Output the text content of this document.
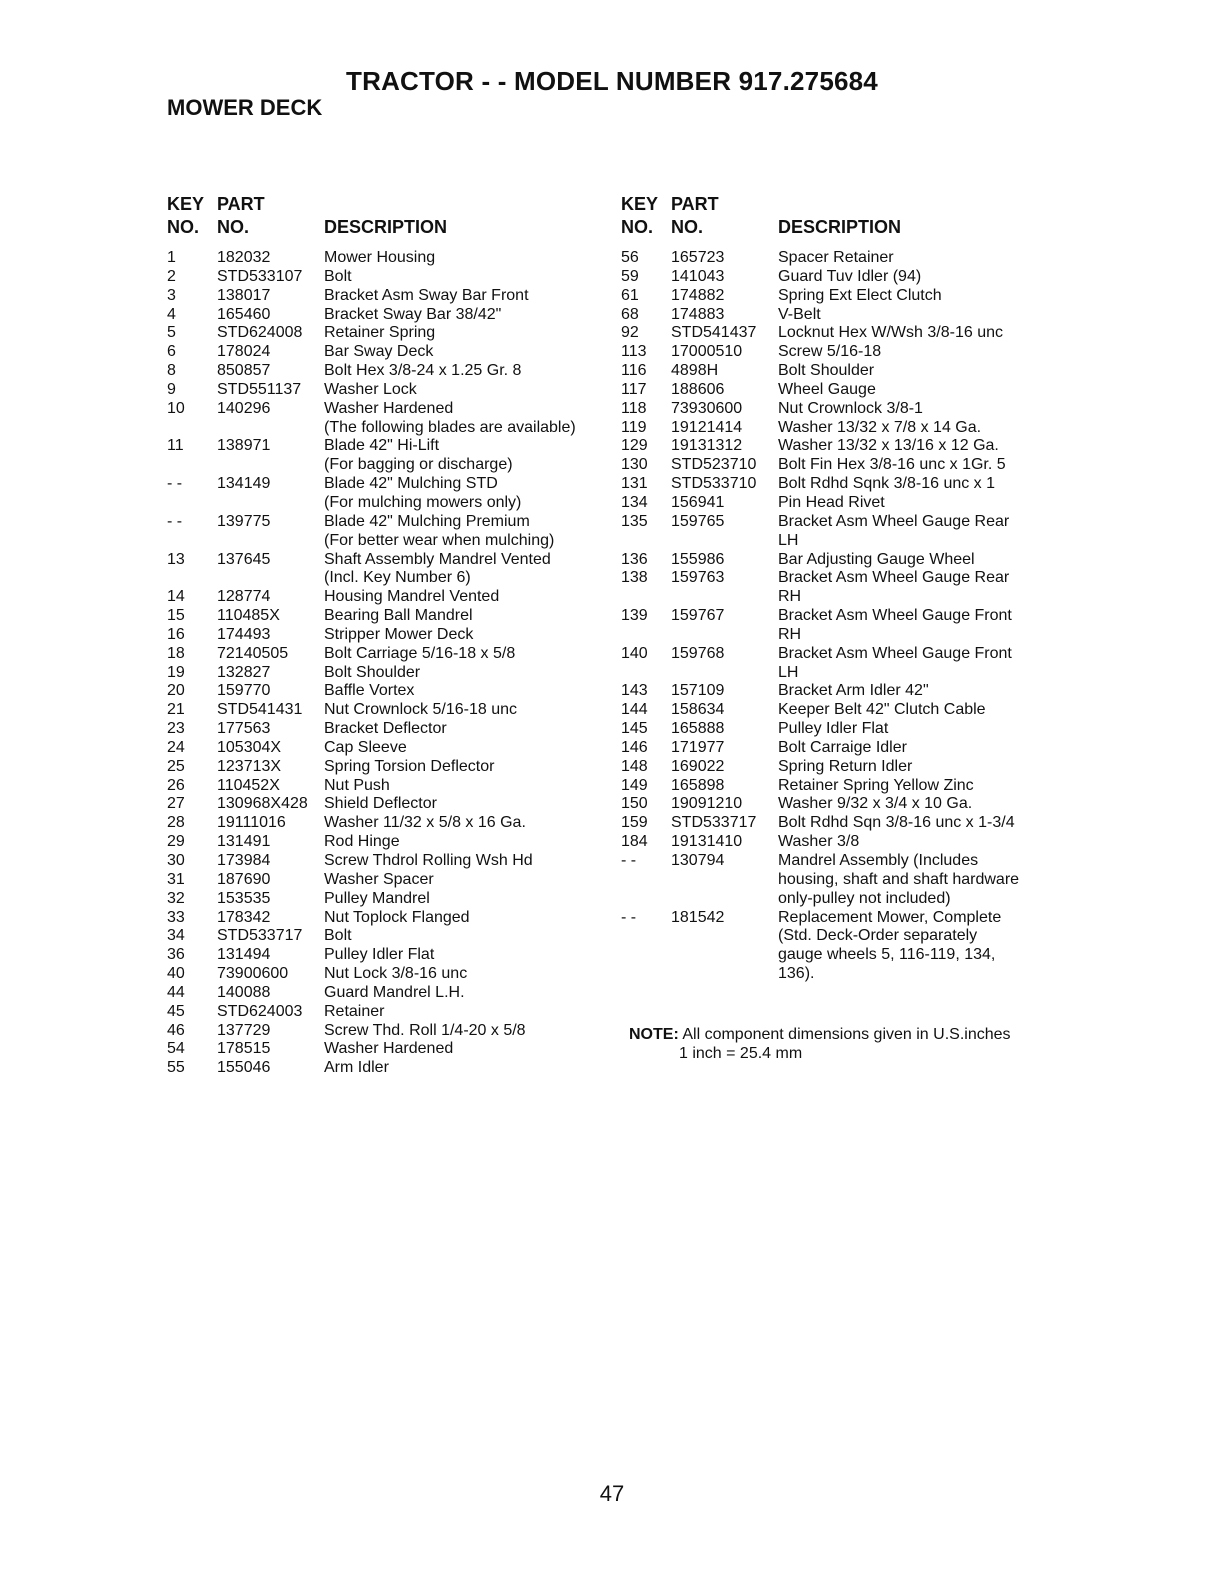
TRACTOR - - MODEL NUMBER 917.275684
MOWER DECK
KEY PART
NO. NO.	DESCRIPTION
1	182032	Mower Housing
2	STD533107 Bolt
3	138017	Bracket Asm Sway Bar Front
4	165460	Bracket Sway Bar 38/42"
5	STD624008 Retainer Spring
6	178024	Bar Sway Deck
8	850857	Bolt Hex 3/8-24 x 1.25 Gr. 8
9	STD551137 Washer Lock
10 140296	Washer Hardened
(The following blades are available)
11 138971	Blade 42" Hi-Lift
(For bagging or discharge)
- - 134149	Blade 42" Mulching STD
(For mulching mowers only)
- - 139775	Blade 42" Mulching Premium
(For better wear when mulching)
13 137645	Shaft Assembly Mandrel Vented
(Incl. Key Number 6)
14 128774	Housing Mandrel Vented
15 110485X	Bearing Ball Mandrel
16 174493	Stripper Mower Deck
18 72140505 Bolt Carriage 5/16-18 x 5/8
19 132827	Bolt Shoulder
20 159770	Baffle Vortex
21 STD541431 Nut Crownlock 5/16-18 unc
23 177563	Bracket Deflector
24 105304X	Cap Sleeve
25 123713X	Spring Torsion Deflector
26 110452X	Nut Push
27 130968X428 Shield Deflector
28 19111016 Washer 11/32 x 5/8 x 16 Ga.
29 131491	Rod Hinge
30 173984	Screw Thdrol Rolling Wsh Hd
31 187690	Washer Spacer
32 153535	Pulley Mandrel
33 178342	Nut Toplock Flanged
34 STD533717 Bolt
36 131494	Pulley Idler Flat
40 73900600 Nut Lock 3/8-16 unc
44 140088	Guard Mandrel L.H.
45 STD624003 Retainer
46 137729	Screw Thd. Roll 1/4-20 x 5/8
54 178515	Washer Hardened
55 155046	Arm Idler
KEY PART
NO. NO.	DESCRIPTION
56 165723	Spacer Retainer
59 141043	Guard Tuv Idler (94)
61 174882	Spring Ext Elect Clutch
68 174883	V-Belt
92 STD541437 Locknut Hex W/Wsh 3/8-16 unc
113 17000510 Screw 5/16-18
116 4898H	Bolt Shoulder
117 188606	Wheel Gauge
118 73930600 Nut Crownlock 3/8-1
119 19121414 Washer 13/32 x 7/8 x 14 Ga.
129 19131312 Washer 13/32 x 13/16 x 12 Ga.
130 STD523710 Bolt Fin Hex 3/8-16 unc x 1Gr. 5
131 STD533710 Bolt Rdhd Sqnk 3/8-16 unc x 1
134 156941	Pin Head Rivet
135 159765	Bracket Asm Wheel Gauge Rear
LH
136 155986	Bar Adjusting Gauge Wheel
138 159763	Bracket Asm Wheel Gauge Rear
RH
139 159767	Bracket Asm Wheel Gauge Front
RH
140 159768	Bracket Asm Wheel Gauge Front
LH
143 157109	Bracket Arm Idler 42"
144 158634	Keeper Belt 42" Clutch Cable
145 165888	Pulley Idler Flat
146 171977	Bolt Carraige Idler
148 169022	Spring Return Idler
149 165898	Retainer Spring Yellow Zinc
150 19091210 Washer 9/32 x 3/4 x 10 Ga.
159 STD533717 Bolt Rdhd Sqn 3/8-16 unc x 1-3/4
184 19131410 Washer 3/8
- - 130794	Mandrel Assembly (Includes
housing, shaft and shaft hardware
only-pulley not included)
- - 181542	Replacement Mower, Complete
(Std. Deck-Order separately
gauge wheels 5, 116-119, 134,
136).
NOTE: All component dimensions given in U.S.inches
1 inch = 25.4 mm
47
